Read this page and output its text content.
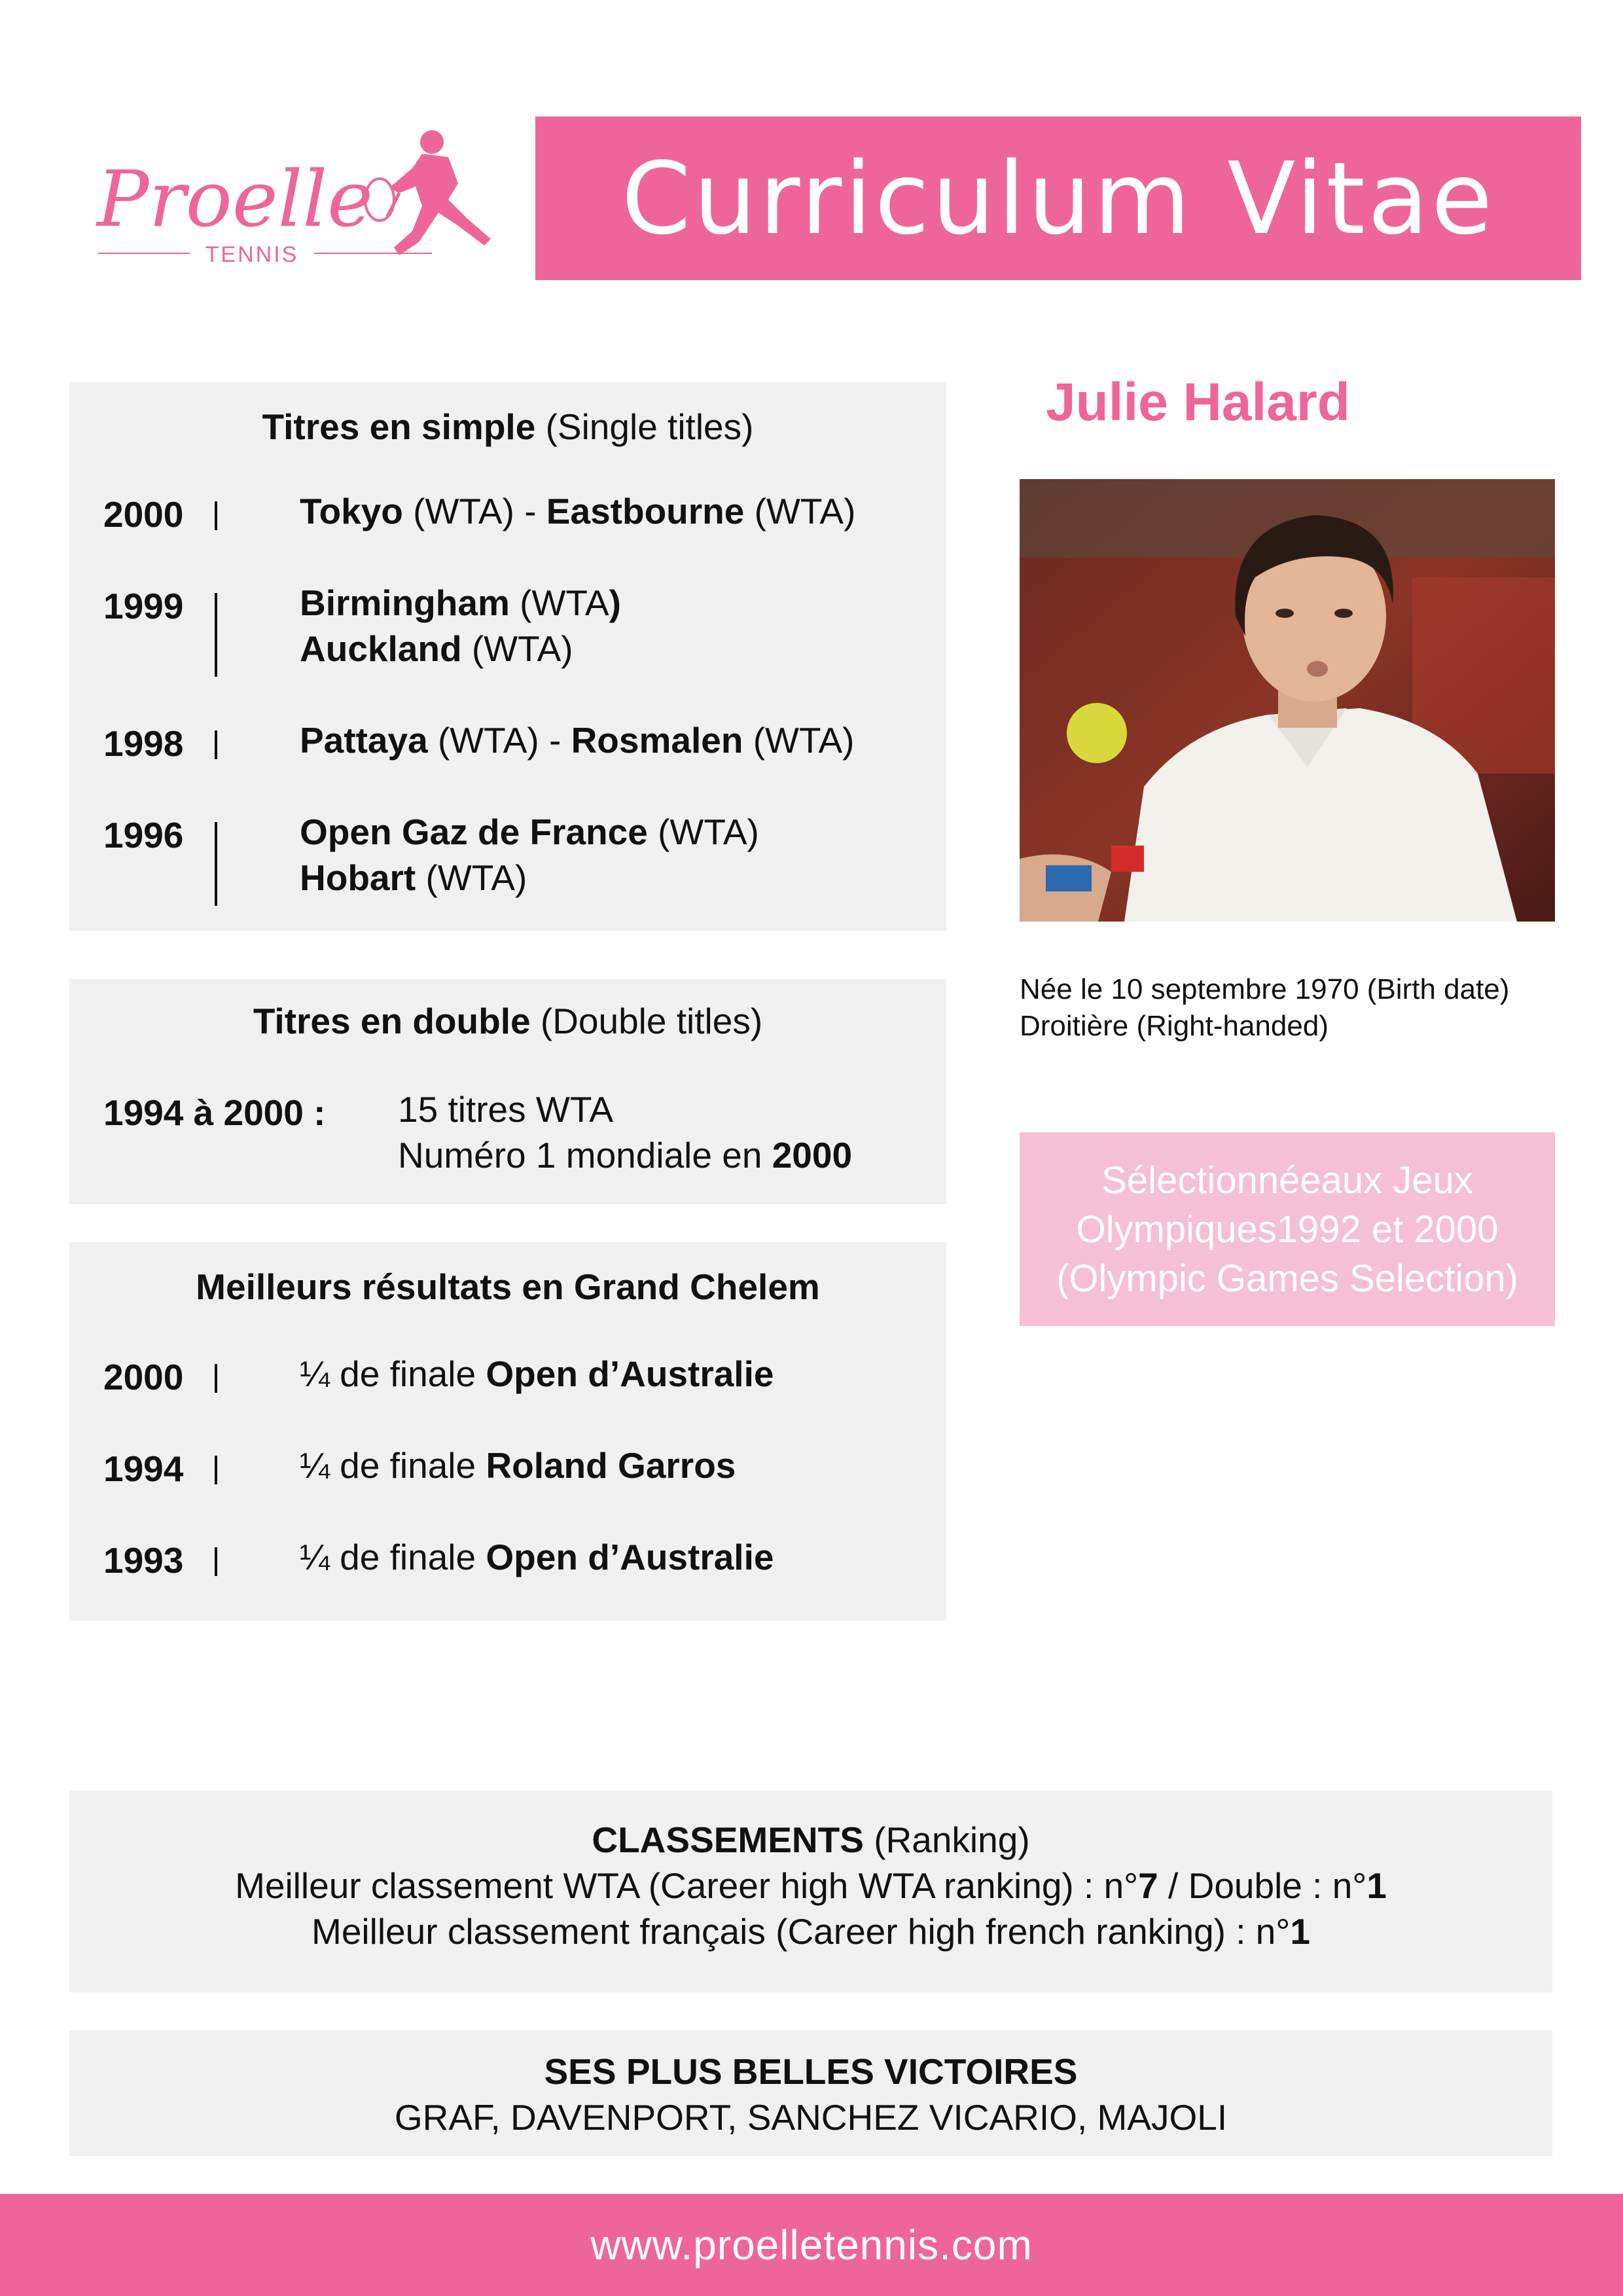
Proelle
TENNIS	Curriculum Vitae
Titres en simple (Single titles)
2000	Tokyo (WTA) - Eastbourne (WTA)
1999	Birmingham (WTA)
Auckland (WTA)
1998	Pattaya (WTA) - Rosmalen (WTA)
1996	Open Gaz de France (WTA)
Hobart (WTA)
Titres en double (Double titles)
1994 à 2000 : 15 titres WTA
Numéro 1 mondiale en 2000
Meilleurs résultats en Grand Chelem
2000	¼ de finale Open d’Australie
1994	¼ de finale Roland Garros
1993	¼ de finale Open d’Australie
Julie Halard
Née le 10 septembre 1970 (Birth date)
Droitière (Right-handed)
Sélectionnéeaux Jeux
Olympiques1992 et 2000
(Olympic Games Selection)
CLASSEMENTS (Ranking)
Meilleur classement WTA (Career high WTA ranking) : n°7 / Double : n°1
Meilleur classement français (Career high french ranking) : n°1
SES PLUS BELLES VICTOIRES
GRAF, DAVENPORT, SANCHEZ VICARIO, MAJOLI
www.proelletennis.com
